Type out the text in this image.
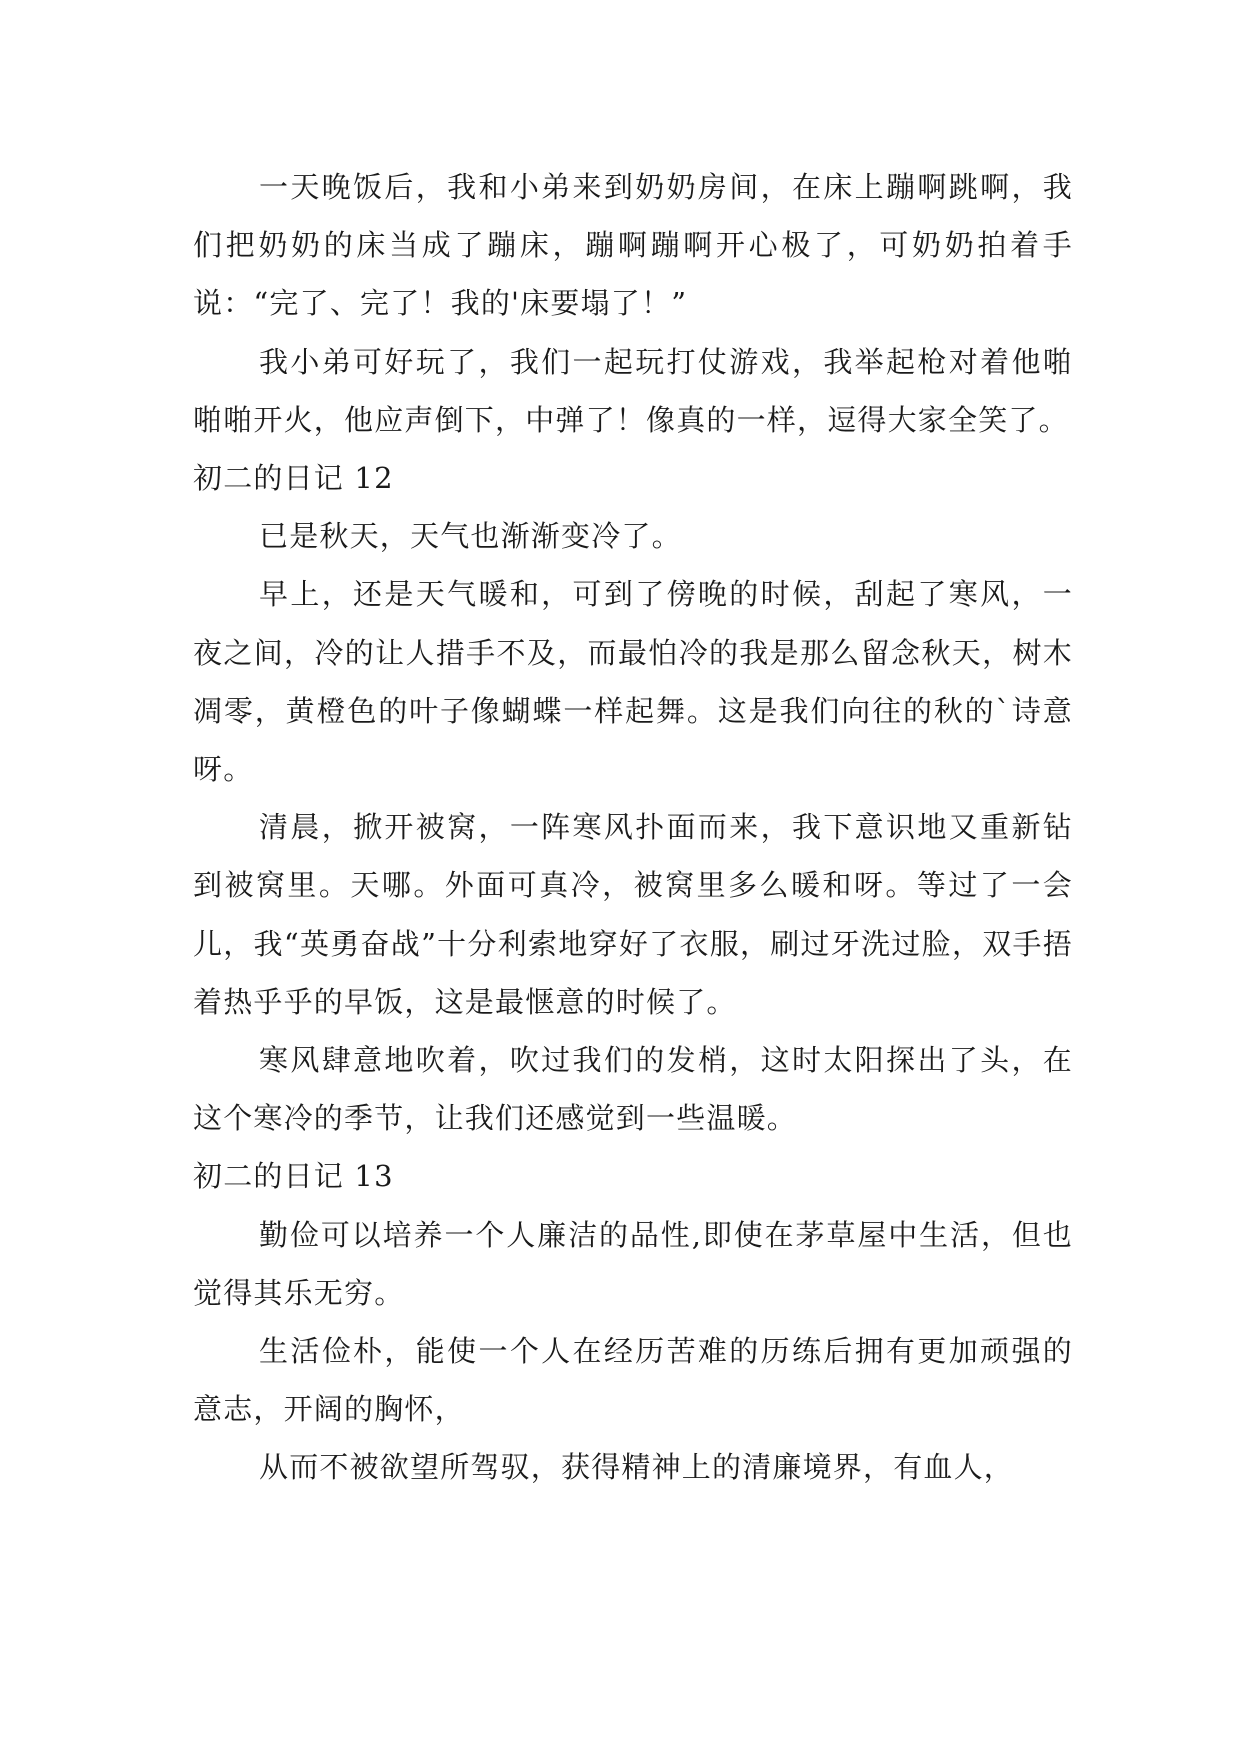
一天晚饭后，我和小弟来到奶奶房间，在床上蹦啊跳啊，我们把奶奶的床当成了蹦床，蹦啊蹦啊开心极了，可奶奶拍着手说：“完了、完了！我的'床要塌了！”

我小弟可好玩了，我们一起玩打仗游戏，我举起枪对着他啪啪啪开火，他应声倒下，中弹了！像真的一样，逗得大家全笑了。

初二的日记 12

已是秋天，天气也渐渐变冷了。

早上，还是天气暖和，可到了傍晚的时候，刮起了寒风，一夜之间，冷的让人措手不及，而最怕冷的我是那么留念秋天，树木凋零，黄橙色的叶子像蝴蝶一样起舞。这是我们向往的秋的`诗意呀。

清晨，掀开被窝，一阵寒风扑面而来，我下意识地又重新钻到被窝里。天哪。外面可真冷，被窝里多么暖和呀。等过了一会儿，我“英勇奋战”十分利索地穿好了衣服，刷过牙洗过脸，双手捂着热乎乎的早饭，这是最惬意的时候了。

寒风肆意地吹着，吹过我们的发梢，这时太阳探出了头，在这个寒冷的季节，让我们还感觉到一些温暖。

初二的日记 13

勤俭可以培养一个人廉洁的品性,即使在茅草屋中生活，但也觉得其乐无穷。

生活俭朴，能使一个人在经历苦难的历练后拥有更加顽强的意志，开阔的胸怀，

从而不被欲望所驾驭，获得精神上的清廉境界，有血人，
